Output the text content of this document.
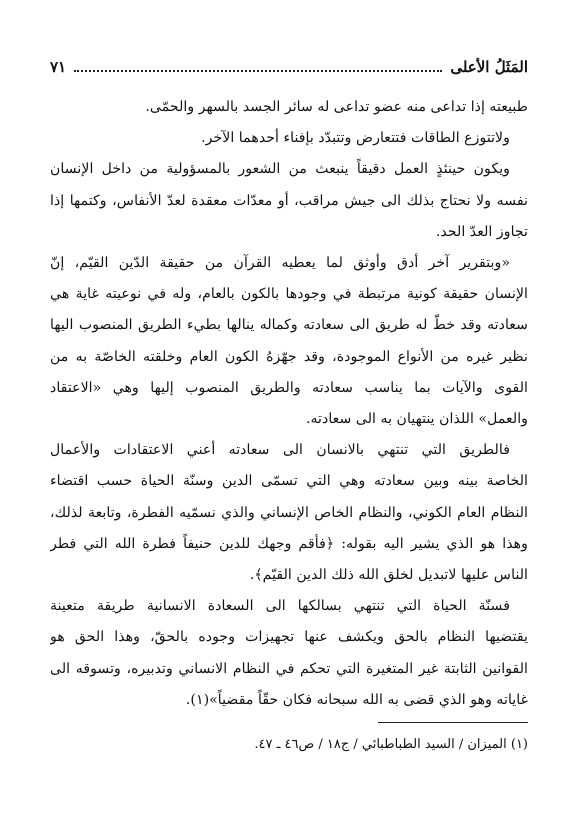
المَثَلُ الأعلى
٧١
طبيعته إذا تداعى منه عضو تداعى له سائر الجسد بالسهر والحمّى.
ولاتتوزع الطاقات فتتعارض وتتبدّد بإفناء أحدهما الآخر.
ويكون حينئذٍ العمل دقيقاً ينبعث من الشعور بالمسؤولية من داخل الإنسان
نفسه ولا نحتاج بذلك الى جيش مراقب، أو معدّات معقدة لعدّ الأنفاس، وكتمها إذا
تجاوز العدّ الحد.
«وبتقرير آخر أدق وأوثق لما يعطيه القرآن من حقيقة الدّين القيّم، إنّ
الإنسان حقيقة كونية مرتبطة في وجودها بالكون بالعام، وله في نوعيته غاية هي
سعادته وقد خطّ له طريق الى سعادته وكماله ينالها بطيء الطريق المنصوب اليها
نظير غيره من الأنواع الموجودة، وقد جهّزهُ الكون العام وخلقته الخاصّة به من
القوى والآيات بما يناسب سعادته والطريق المنصوب إليها وهي «الاعتقاد
والعمل» اللذان ينتهيان به الى سعادته.
فالطريق التي تنتهي بالانسان الى سعادته أعني الاعتقادات والأعمال
الخاصة بينه وبين سعادته وهي التي تسمّى الدين وسنّة الحياة حسب اقتضاء
النظام العام الكوني، والنظام الخاص الإنساني والذي نسمّيه الفطرة، وتابعة لذلك،
وهذا هو الذي يشير اليه بقوله: ﴿فأقم وجهك للدين حنيفاً فطرة الله التي فطر
الناس عليها لاتبديل لخلق الله ذلك الدين القيّم﴾.
فسنّة الحياة التي تنتهي بسالكها الى السعادة الانسانية طريقة متعينة
يقتضيها النظام بالحق ويكشف عنها تجهيزات وجوده بالحقّ، وهذا الحق هو
القوانين الثابتة غير المتغيرة التي تحكم في النظام الانساني وتدبيره، وتسوقه الى
غاياته وهو الذي قضى به الله سبحانه فكان حقّاً مقضياً»(١).
(١) الميزان / السيد الطباطبائي / ج١٨ / ص٤٦ ـ ٤٧.
